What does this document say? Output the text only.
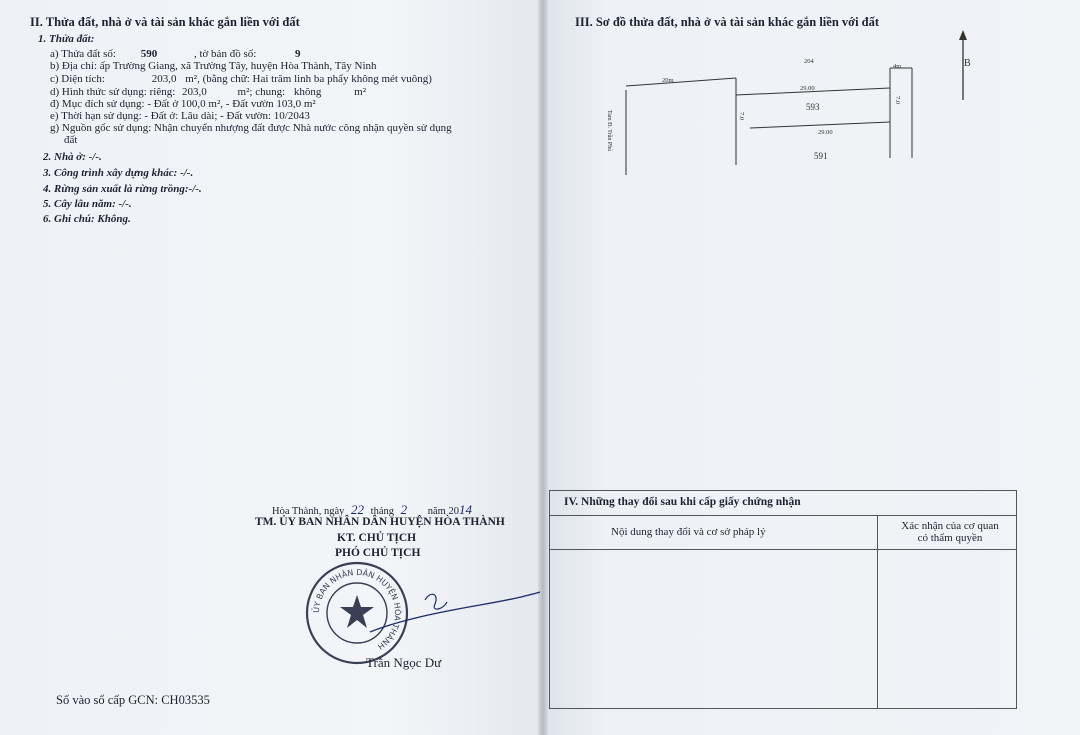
II. Thửa đất, nhà ở và tài sản khác gắn liền với đất
1. Thửa đất:
a) Thửa đất số: 590	, tờ bản đồ số:	9
b) Địa chỉ: ấp Trường Giang, xã Trường Tây, huyện Hòa Thành, Tây Ninh
c) Diện tích:	203,0 m², (bằng chữ: Hai trăm linh ba phẩy không mét vuông)
d) Hình thức sử dụng: riêng: 203,0	m²; chung: không	m²
đ) Mục đích sử dụng: - Đất ở 100,0 m², - Đất vườn 103,0 m²
e) Thời hạn sử dụng: - Đất ở: Lâu dài; - Đất vườn: 10/2043
g) Nguồn gốc sử dụng: Nhận chuyển nhượng đất được Nhà nước công nhận quyền sử dụng
đất
2. Nhà ở: -/-.
3. Công trình xây dựng khác: -/-.
4. Rừng sản xuất là rừng trồng:-/-.
5. Cây lâu năm: -/-.
6. Ghi chú: Không.
Hòa Thành, ngày 22 tháng 2 năm 2014
TM. ỦY BAN NHÂN DÂN HUYỆN HÒA THÀNH
KT. CHỦ TỊCH
PHÓ CHỦ TỊCH
ỦY BAN NHÂN DÂN HUYỆN HÒA THÀNH
Trần Ngọc Dư
Số vào sổ cấp GCN: CH03535
III. Sơ đồ thửa đất, nhà ở và tài sản khác gắn liền với đất
Tam Đ. Trần Phú
20m
204
4m
29.00
29.00
7.0
7.0
593
591
B
IV. Những thay đổi sau khi cấp giấy chứng nhận
Nội dung thay đổi và cơ sở pháp lý	Xác nhận của cơ quan
có thẩm quyền
